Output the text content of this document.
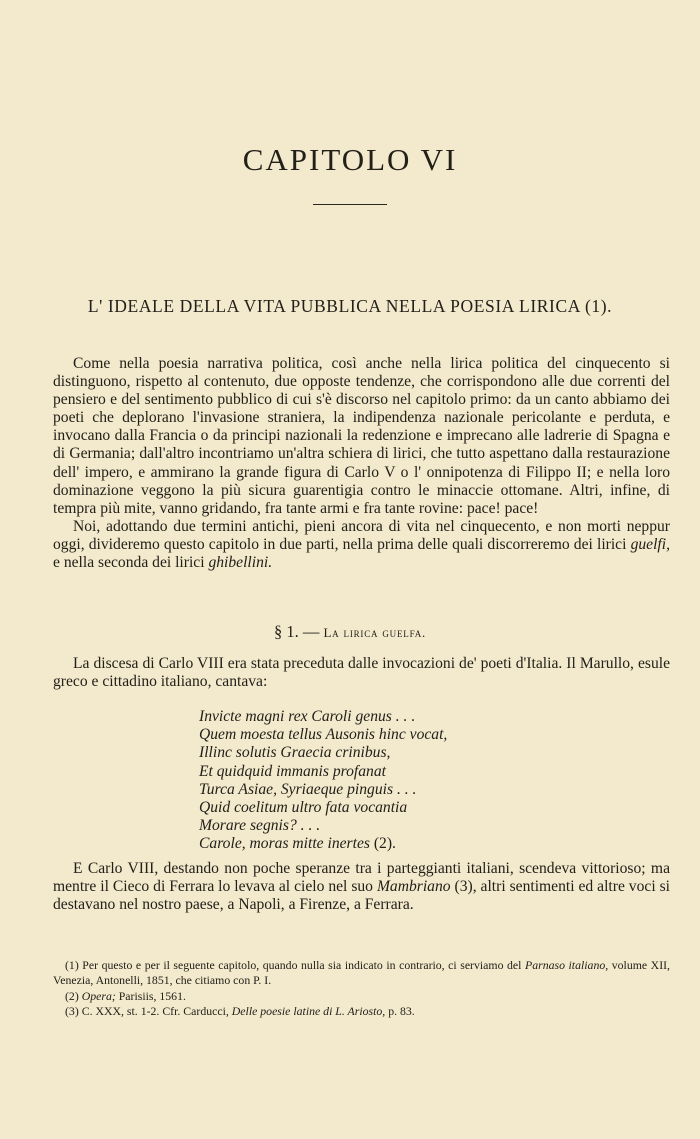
CAPITOLO VI
L' IDEALE DELLA VITA PUBBLICA NELLA POESIA LIRICA (1).

Come nella poesia narrativa politica, così anche nella lirica politica del cinquecento si distinguono, rispetto al contenuto, due opposte tendenze, che corrispondono alle due correnti del pensiero e del sentimento pubblico di cui s'è discorso nel capitolo primo: da un canto abbiamo dei poeti che deplorano l'invasione straniera, la indipendenza nazionale pericolante e perduta, e invocano dalla Francia o da principi nazionali la redenzione e imprecano alle ladrerie di Spagna e di Germania; dall'altro incontriamo un'altra schiera di lirici, che tutto aspettano dalla restaurazione dell' impero, e ammirano la grande figura di Carlo V o l' onnipotenza di Filippo II; e nella loro dominazione veggono la più sicura guarentigia contro le minaccie ottomane. Altri, infine, di tempra più mite, vanno gridando, fra tante armi e fra tante rovine: pace! pace!

Noi, adottando due termini antichi, pieni ancora di vita nel cinquecento, e non morti neppur oggi, divideremo questo capitolo in due parti, nella prima delle quali discorreremo dei lirici guelfi, e nella seconda dei lirici ghibellini.

§ 1. — La lirica guelfa.

La discesa di Carlo VIII era stata preceduta dalle invocazioni de' poeti d'Italia. Il Marullo, esule greco e cittadino italiano, cantava:

Invicte magni rex Caroli genus . . .
Quem moesta tellus Ausonis hinc vocat,
Illinc solutis Graecia crinibus,
Et quidquid immanis profanat
Turca Asiae, Syriaeque pinguis . . .
Quid coelitum ultro fata vocantia
Morare segnis? . . .
Carole, moras mitte inertes (2).

E Carlo VIII, destando non poche speranze tra i parteggianti italiani, scendeva vittorioso; ma mentre il Cieco di Ferrara lo levava al cielo nel suo Mambriano (3), altri sentimenti ed altre voci si destavano nel nostro paese, a Napoli, a Firenze, a Ferrara.

(1) Per questo e per il seguente capitolo, quando nulla sia indicato in contrario, ci serviamo del Parnaso italiano, volume XII, Venezia, Antonelli, 1851, che citiamo con P. I.
(2) Opera; Parisiis, 1561.
(3) C. XXX, st. 1-2. Cfr. Carducci, Delle poesie latine di L. Ariosto, p. 83.
